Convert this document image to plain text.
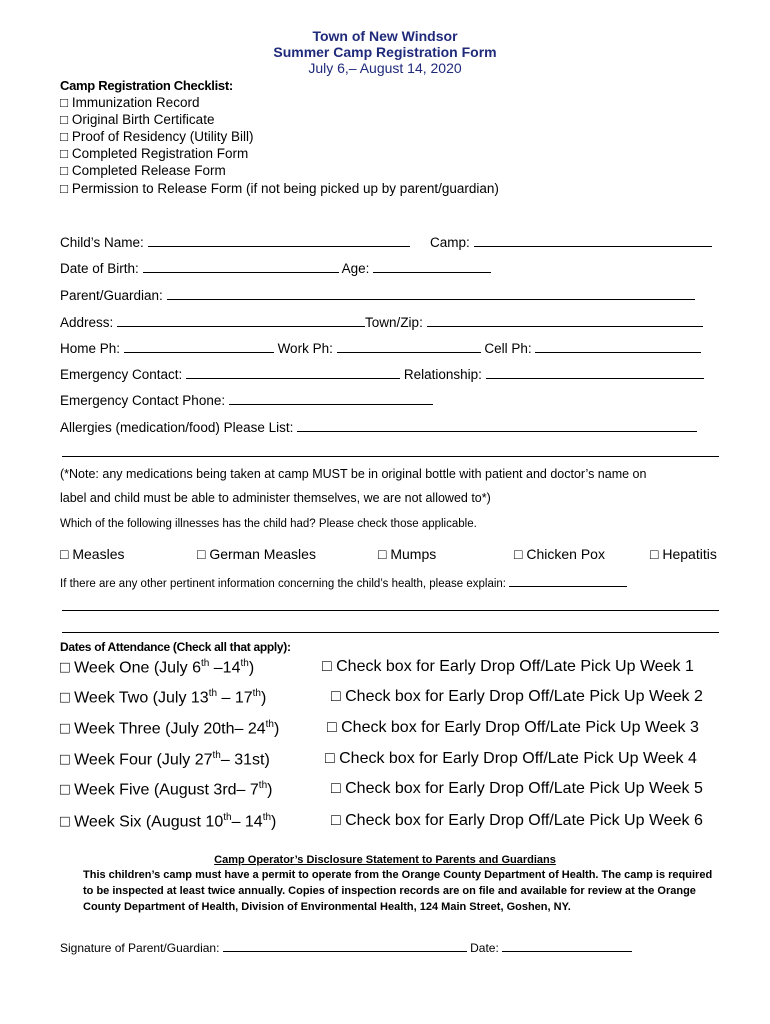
Town of New Windsor
Summer Camp Registration Form
July 6,– August 14, 2020
Camp Registration Checklist:
□ Immunization Record
□ Original Birth Certificate
□ Proof of Residency (Utility Bill)
□ Completed Registration Form
□ Completed Release Form
□ Permission to Release Form (if not being picked up by parent/guardian)
Child’s Name:	Camp:
Date of Birth:	Age:
Parent/Guardian:
Address:	Town/Zip:
Home Ph:	Work Ph:	Cell Ph:
Emergency Contact:	Relationship:
Emergency Contact Phone:
Allergies (medication/food) Please List:
(*Note: any medications being taken at camp MUST be in original bottle with patient and doctor’s name on
label and child must be able to administer themselves, we are not allowed to*)
Which of the following illnesses has the child had? Please check those applicable.
□ Measles	□ German Measles	□ Mumps	□ Chicken Pox	□ Hepatitis
If there are any other pertinent information concerning the child’s health, please explain:
Dates of Attendance (Check all that apply):
□ Week One (July 6th –14th)	□ Check box for Early Drop Off/Late Pick Up Week 1
□ Week Two (July 13th – 17th)	□ Check box for Early Drop Off/Late Pick Up Week 2
□ Week Three (July 20th– 24th)	□ Check box for Early Drop Off/Late Pick Up Week 3
□ Week Four (July 27th– 31st)	□ Check box for Early Drop Off/Late Pick Up Week 4
□ Week Five (August 3rd– 7th)	□ Check box for Early Drop Off/Late Pick Up Week 5
□ Week Six (August 10th– 14th)	□ Check box for Early Drop Off/Late Pick Up Week 6
Camp Operator’s Disclosure Statement to Parents and Guardians
This children’s camp must have a permit to operate from the Orange County Department of Health. The camp is required to be inspected at least twice annually. Copies of inspection records are on file and available for review at the Orange County Department of Health, Division of Environmental Health, 124 Main Street, Goshen, NY.
Signature of Parent/Guardian:	Date:
